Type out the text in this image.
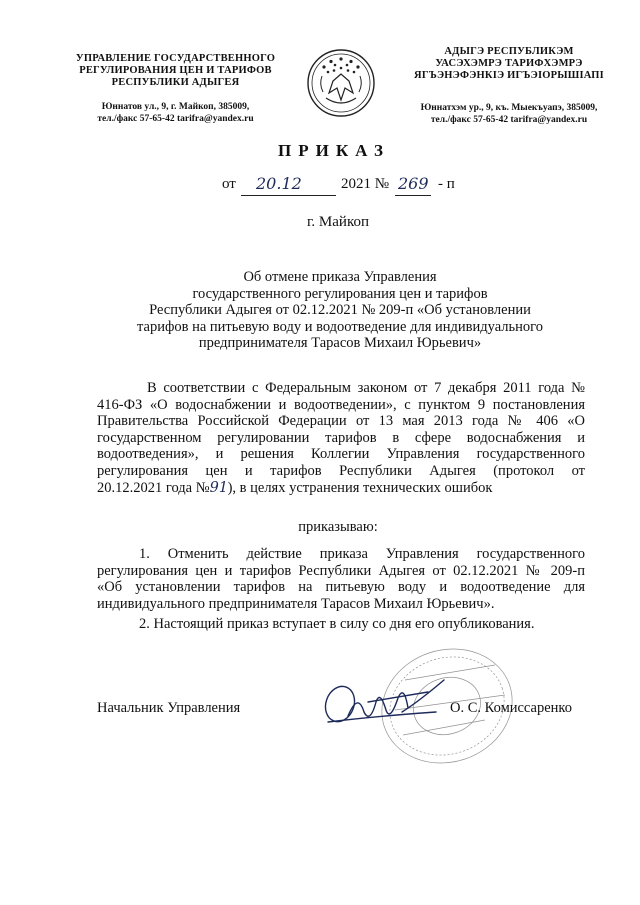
УПРАВЛЕНИЕ ГОСУДАРСТВЕННОГО
РЕГУЛИРОВАНИЯ ЦЕН И ТАРИФОВ
РЕСПУБЛИКИ АДЫГЕЯ
Юннатов ул., 9, г. Майкоп, 385009,
тел./факс 57-65-42 tarifra@yandex.ru
АДЫГЭ РЕСПУБЛИКЭМ
УАСЭХЭМРЭ ТАРИФХЭМРЭ
ЯГЪЭНЭФЭНКIЭ ИГЪЭIОРЫШIАПI
Юннатхэм ур., 9, къ. Мыекъуапэ, 385009,
тел./факс 57-65-42 tarifra@yandex.ru
ПРИКАЗ
от 20.12	2021 № 269 - п
г. Майкоп
Об отмене приказа Управления
государственного регулирования цен и тарифов
Республики Адыгея от 02.12.2021 № 209-п «Об установлении
тарифов на питьевую воду и водоотведение для индивидуального
предпринимателя Тарасов Михаил Юрьевич»
В соответствии с Федеральным законом от 7 декабря 2011 года №
416-ФЗ «О водоснабжении и водоотведении», с пунктом 9 постановления
Правительства Российской Федерации от 13 мая 2013 года № 406 «О
государственном регулировании тарифов в сфере водоснабжения и
водоотведения», и решения Коллегии Управления государственного
регулирования цен и тарифов Республики Адыгея (протокол от
20.12.2021 года №91), в целях устранения технических ошибок
приказываю:
1. Отменить действие приказа Управления государственного
регулирования цен и тарифов Республики Адыгея от 02.12.2021 № 209-п
«Об установлении тарифов на питьевую воду и водоотведение для
индивидуального предпринимателя Тарасов Михаил Юрьевич».
2. Настоящий приказ вступает в силу со дня его опубликования.
Начальник Управления	О. С. Комиссаренко
